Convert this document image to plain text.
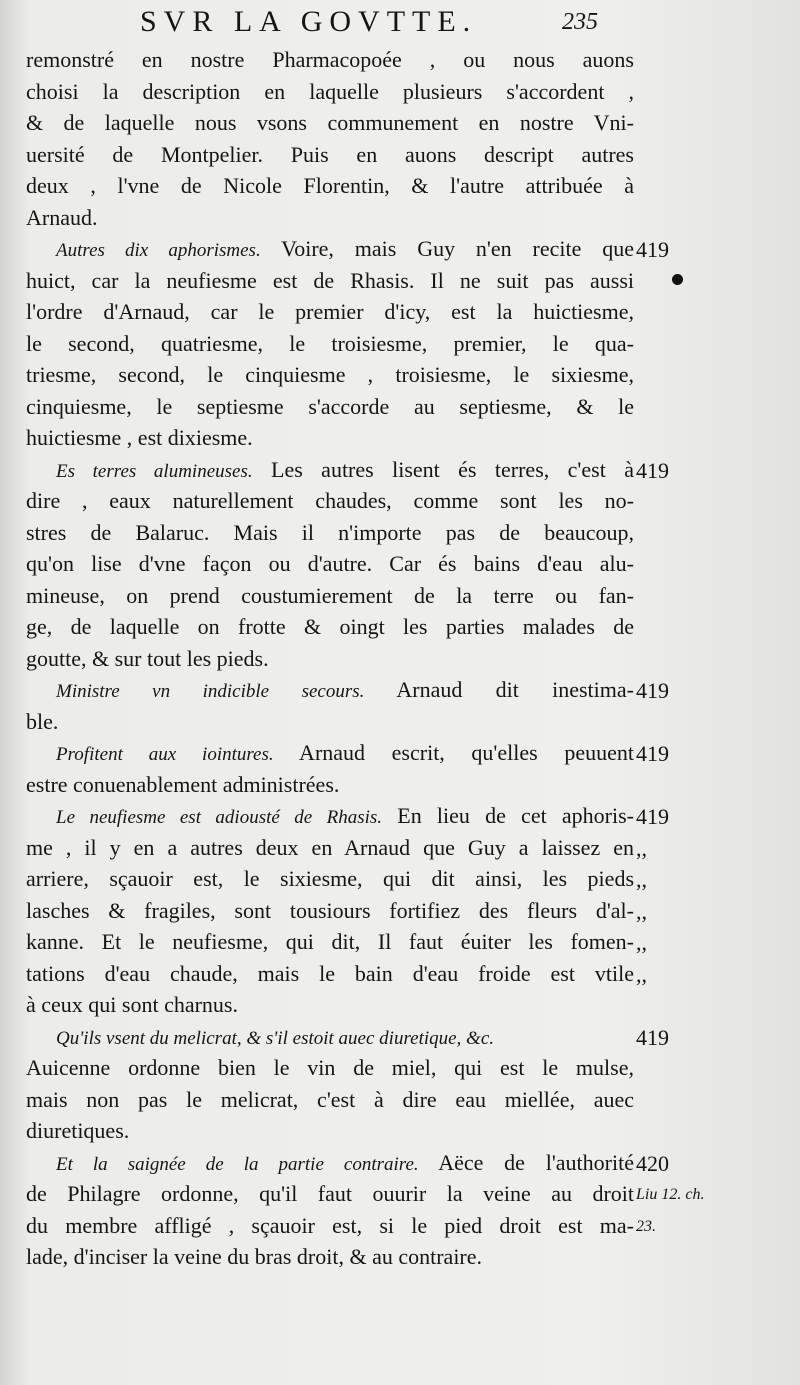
SVR LA GOVTTE.	235
remonstré en nostre Pharmacopoée , ou nous auons
choisi la description en laquelle plusieurs s'accordent ,
& de laquelle nous vsons communement en nostre Vni-
uersité de Montpelier. Puis en auons descript autres
deux , l'vne de Nicole Florentin, & l'autre attribuée à
Arnaud.
Autres dix aphorismes. Voire, mais Guy n'en recite que
huict, car la neufiesme est de Rhasis. Il ne suit pas aussi
l'ordre d'Arnaud, car le premier d'icy, est la huictiesme,
le second, quatriesme, le troisiesme, premier, le qua-
triesme, second, le cinquiesme , troisiesme, le sixiesme,
cinquiesme, le septiesme s'accorde au septiesme, & le
huictiesme , est dixiesme.
Es terres alumineuses. Les autres lisent és terres, c'est à
dire , eaux naturellement chaudes, comme sont les no-
stres de Balaruc. Mais il n'importe pas de beaucoup,
qu'on lise d'vne façon ou d'autre. Car és bains d'eau alu-
mineuse, on prend coustumierement de la terre ou fan-
ge, de laquelle on frotte & oingt les parties malades de
goutte, & sur tout les pieds.
Ministre vn indicible secours. Arnaud dit inestima-
ble.
Profitent aux iointures. Arnaud escrit, qu'elles peuuent
estre conuenablement administrées.
Le neufiesme est adiousté de Rhasis. En lieu de cet aphoris-
me , il y en a autres deux en Arnaud que Guy a laissez en
arriere, sçauoir est, le sixiesme, qui dit ainsi, les pieds
lasches & fragiles, sont tousiours fortifiez des fleurs d'al-
kanne. Et le neufiesme, qui dit, Il faut éuiter les fomen-
tations d'eau chaude, mais le bain d'eau froide est vtile
à ceux qui sont charnus.
Qu'ils vsent du melicrat, & s'il estoit auec diuretique, &c.
Auicenne ordonne bien le vin de miel, qui est le mulse,
mais non pas le melicrat, c'est à dire eau miellée, auec
diuretiques.
Et la saignée de la partie contraire. Aëce de l'authorité
de Philagre ordonne, qu'il faut ouurir la veine au droit
du membre affligé , sçauoir est, si le pied droit est ma-
lade, d'inciser la veine du bras droit, & au contraire.
419
419
419
419
419
,,
,,
,,
,,
,,
419
420
Liu 12. ch.
23.
